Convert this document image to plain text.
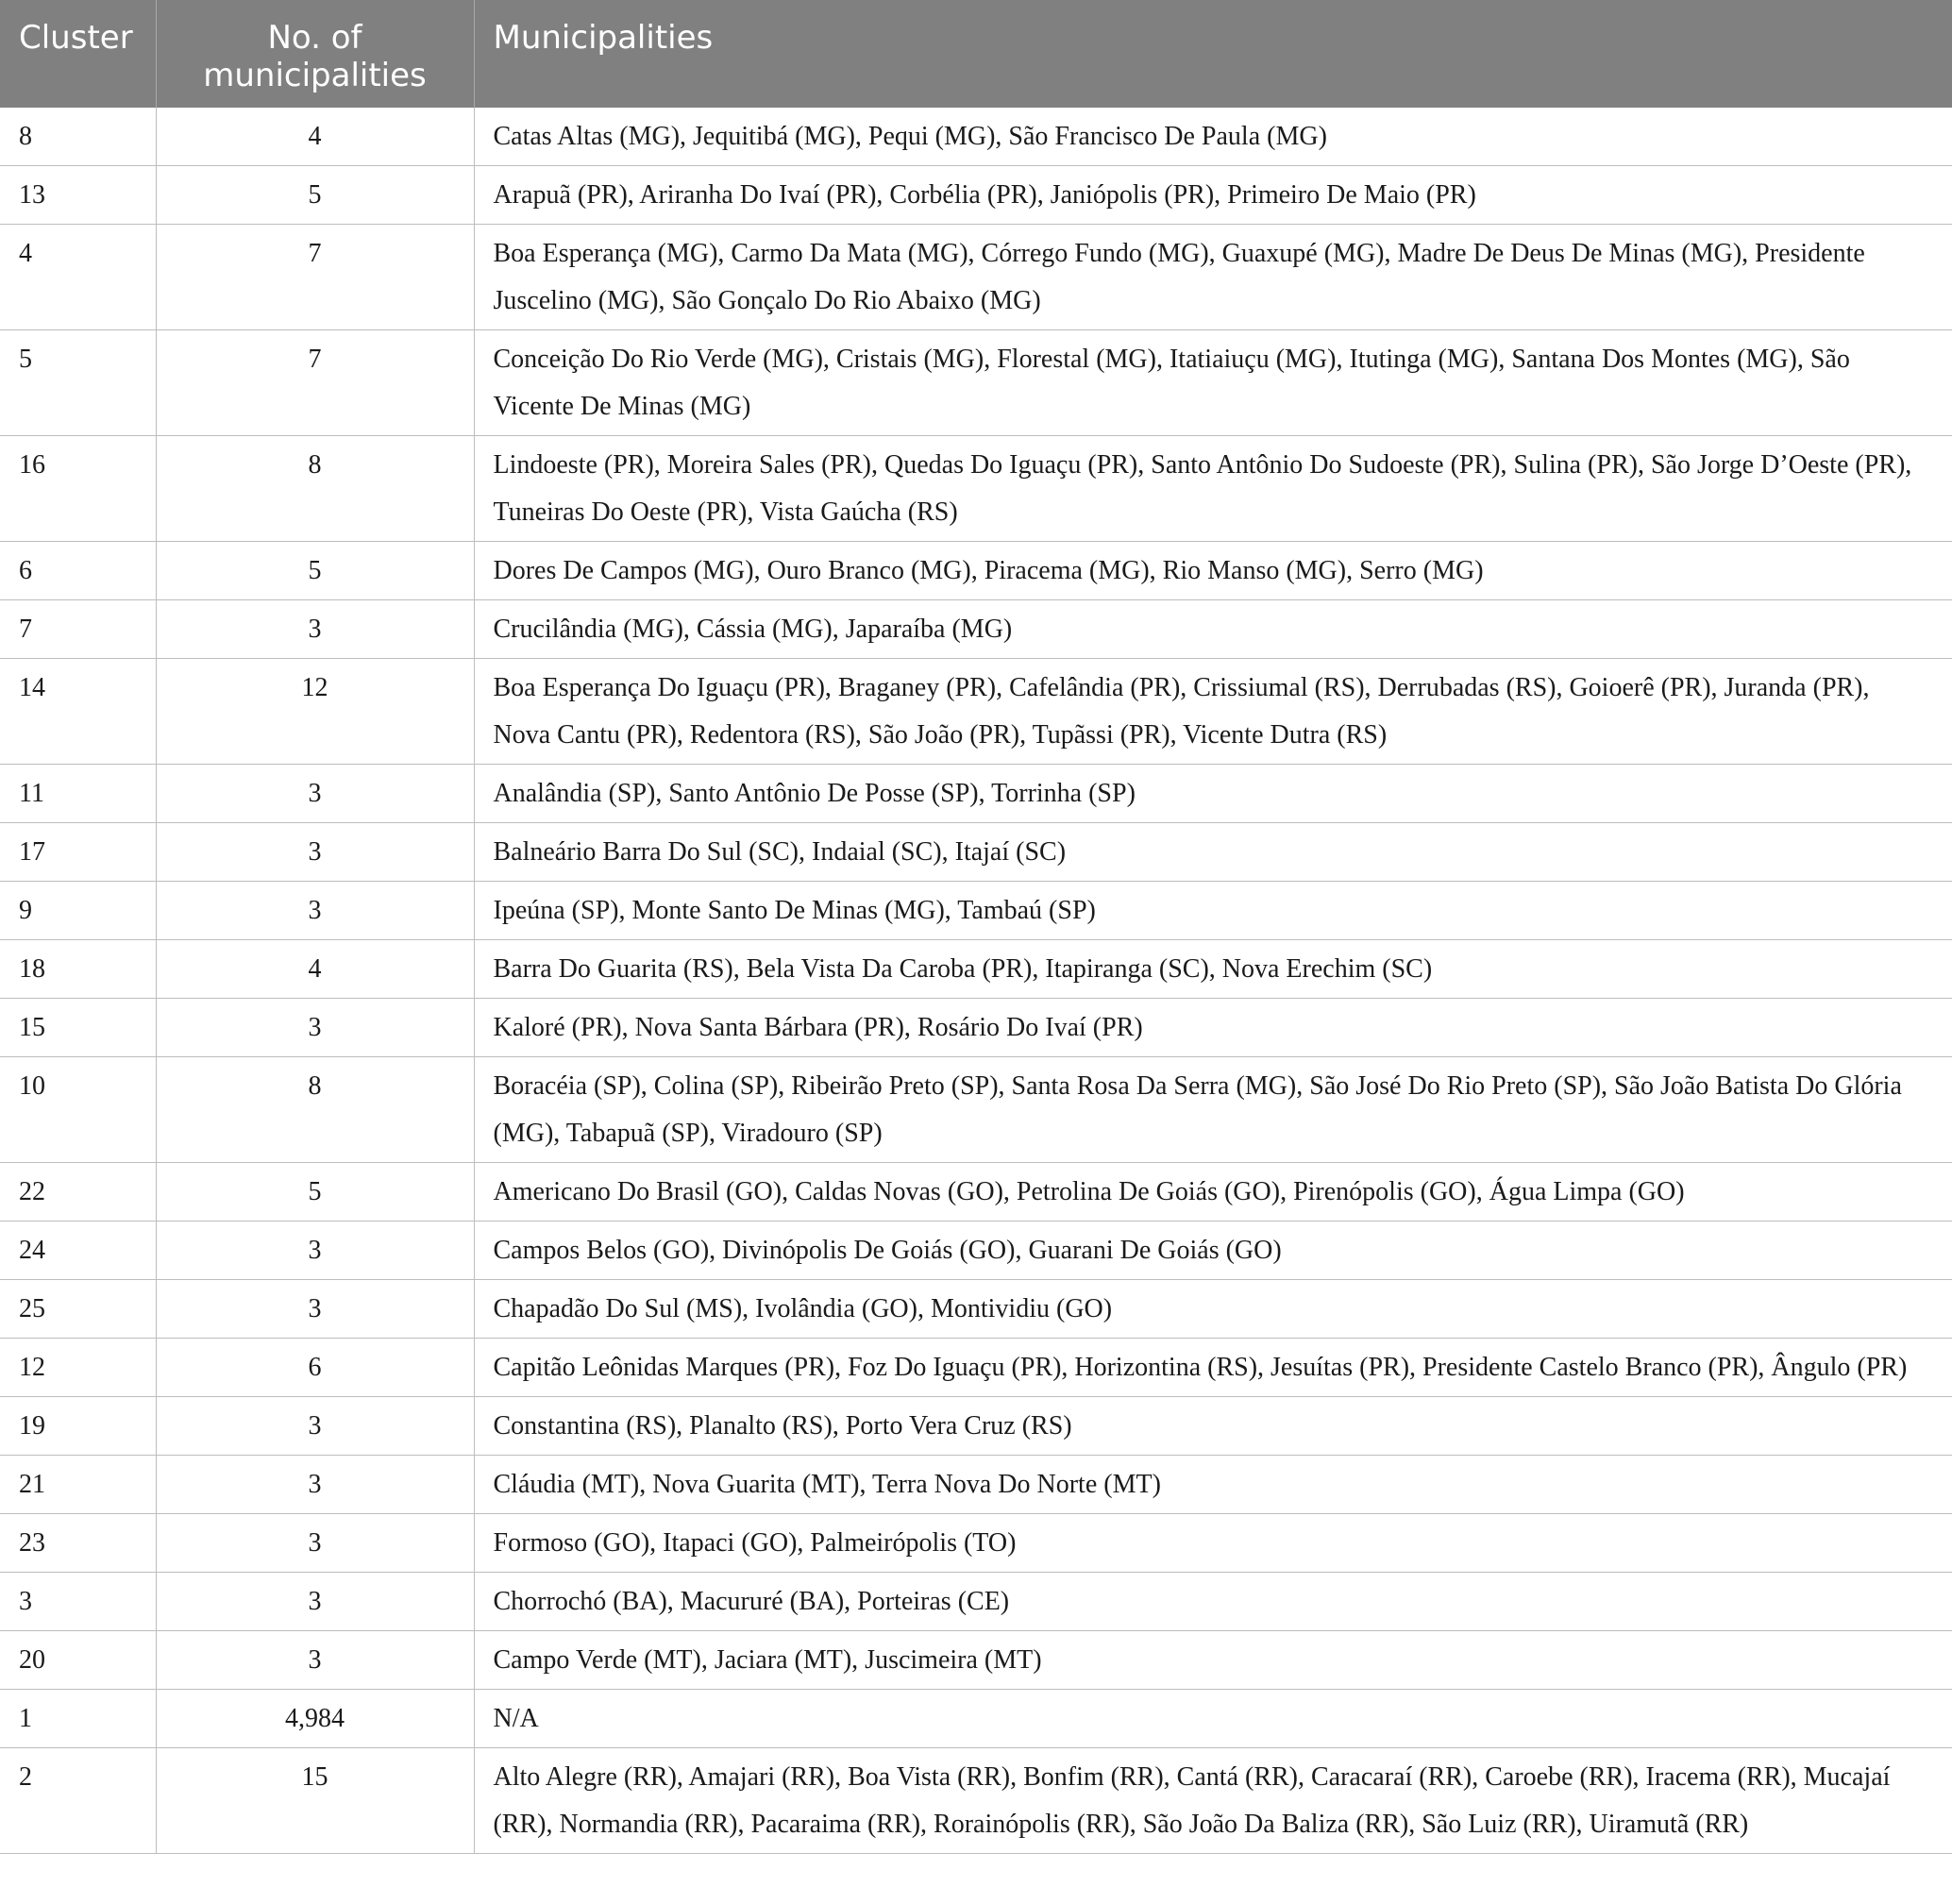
Cluster	No. of municipalities	Municipalities
8	4	Catas Altas (MG), Jequitibá (MG), Pequi (MG), São Francisco De Paula (MG)
13	5	Arapuã (PR), Ariranha Do Ivaí (PR), Corbélia (PR), Janiópolis (PR), Primeiro De Maio (PR)
4	7	Boa Esperança (MG), Carmo Da Mata (MG), Córrego Fundo (MG), Guaxupé (MG), Madre De Deus De Minas (MG), Presidente Juscelino (MG), São Gonçalo Do Rio Abaixo (MG)
5	7	Conceição Do Rio Verde (MG), Cristais (MG), Florestal (MG), Itatiaiuçu (MG), Itutinga (MG), Santana Dos Montes (MG), São Vicente De Minas (MG)
16	8	Lindoeste (PR), Moreira Sales (PR), Quedas Do Iguaçu (PR), Santo Antônio Do Sudoeste (PR), Sulina (PR), São Jorge D’Oeste (PR), Tuneiras Do Oeste (PR), Vista Gaúcha (RS)
6	5	Dores De Campos (MG), Ouro Branco (MG), Piracema (MG), Rio Manso (MG), Serro (MG)
7	3	Crucilândia (MG), Cássia (MG), Japaraíba (MG)
14	12	Boa Esperança Do Iguaçu (PR), Braganey (PR), Cafelândia (PR), Crissiumal (RS), Derrubadas (RS), Goioerê (PR), Juranda (PR), Nova Cantu (PR), Redentora (RS), São João (PR), Tupãssi (PR), Vicente Dutra (RS)
11	3	Analândia (SP), Santo Antônio De Posse (SP), Torrinha (SP)
17	3	Balneário Barra Do Sul (SC), Indaial (SC), Itajaí (SC)
9	3	Ipeúna (SP), Monte Santo De Minas (MG), Tambaú (SP)
18	4	Barra Do Guarita (RS), Bela Vista Da Caroba (PR), Itapiranga (SC), Nova Erechim (SC)
15	3	Kaloré (PR), Nova Santa Bárbara (PR), Rosário Do Ivaí (PR)
10	8	Boracéia (SP), Colina (SP), Ribeirão Preto (SP), Santa Rosa Da Serra (MG), São José Do Rio Preto (SP), São João Batista Do Glória (MG), Tabapuã (SP), Viradouro (SP)
22	5	Americano Do Brasil (GO), Caldas Novas (GO), Petrolina De Goiás (GO), Pirenópolis (GO), Água Limpa (GO)
24	3	Campos Belos (GO), Divinópolis De Goiás (GO), Guarani De Goiás (GO)
25	3	Chapadão Do Sul (MS), Ivolândia (GO), Montividiu (GO)
12	6	Capitão Leônidas Marques (PR), Foz Do Iguaçu (PR), Horizontina (RS), Jesuítas (PR), Presidente Castelo Branco (PR), Ângulo (PR)
19	3	Constantina (RS), Planalto (RS), Porto Vera Cruz (RS)
21	3	Cláudia (MT), Nova Guarita (MT), Terra Nova Do Norte (MT)
23	3	Formoso (GO), Itapaci (GO), Palmeirópolis (TO)
3	3	Chorrochó (BA), Macururé (BA), Porteiras (CE)
20	3	Campo Verde (MT), Jaciara (MT), Juscimeira (MT)
1	4,984	N/A
2	15	Alto Alegre (RR), Amajari (RR), Boa Vista (RR), Bonfim (RR), Cantá (RR), Caracaraí (RR), Caroebe (RR), Iracema (RR), Mucajaí (RR), Normandia (RR), Pacaraima (RR), Rorainópolis (RR), São João Da Baliza (RR), São Luiz (RR), Uiramutã (RR)
